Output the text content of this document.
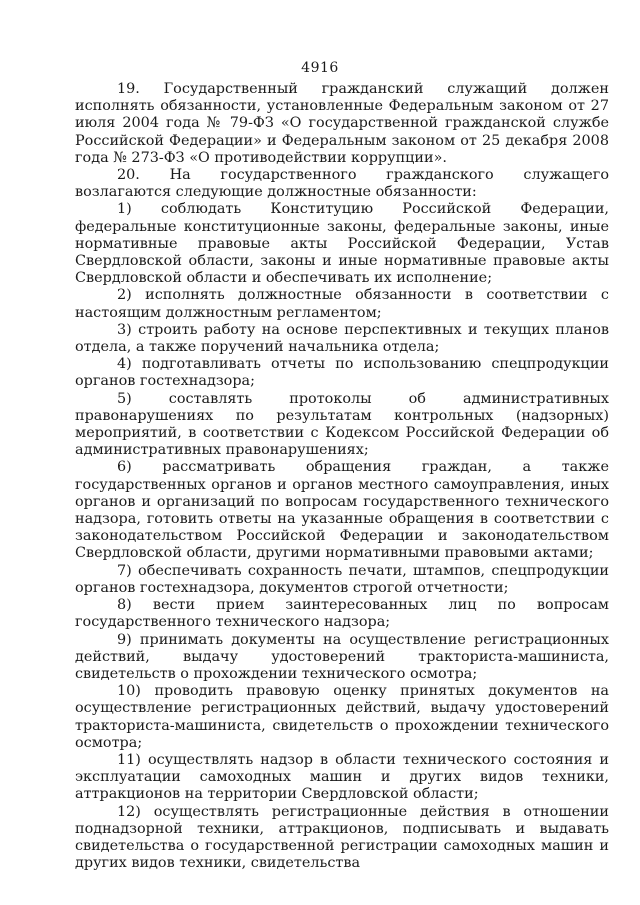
4916

19. Государственный гражданский служащий должен исполнять обязанности, установленные Федеральным законом от 27 июля 2004 года № 79-ФЗ «О государственной гражданской службе Российской Федерации» и Федеральным законом от 25 декабря 2008 года № 273-ФЗ «О противодействии коррупции».

20. На государственного гражданского служащего возлагаются следующие должностные обязанности:

1) соблюдать Конституцию Российской Федерации, федеральные конституционные законы, федеральные законы, иные нормативные правовые акты Российской Федерации, Устав Свердловской области, законы и иные нормативные правовые акты Свердловской области и обеспечивать их исполнение;

2) исполнять должностные обязанности в соответствии с настоящим должностным регламентом;

3) строить работу на основе перспективных и текущих планов отдела, а также поручений начальника отдела;

4) подготавливать отчеты по использованию спецпродукции органов гостехнадзора;

5) составлять протоколы об административных правонарушениях по результатам контрольных (надзорных) мероприятий, в соответствии с Кодексом Российской Федерации об административных правонарушениях;

6) рассматривать обращения граждан, а также государственных органов и органов местного самоуправления, иных органов и организаций по вопросам государственного технического надзора, готовить ответы на указанные обращения в соответствии с законодательством Российской Федерации и законодательством Свердловской области, другими нормативными правовыми актами;

7) обеспечивать сохранность печати, штампов, спецпродукции органов гостехнадзора, документов строгой отчетности;

8) вести прием заинтересованных лиц по вопросам государственного технического надзора;

9) принимать документы на осуществление регистрационных действий, выдачу удостоверений тракториста-машиниста, свидетельств о прохождении технического осмотра;

10) проводить правовую оценку принятых документов на осуществление регистрационных действий, выдачу удостоверений тракториста-машиниста, свидетельств о прохождении технического осмотра;

11) осуществлять надзор в области технического состояния и эксплуатации самоходных машин и других видов техники, аттракционов на территории Свердловской области;

12) осуществлять регистрационные действия в отношении поднадзорной техники, аттракционов, подписывать и выдавать свидетельства о государственной регистрации самоходных машин и других видов техники, свидетельства
